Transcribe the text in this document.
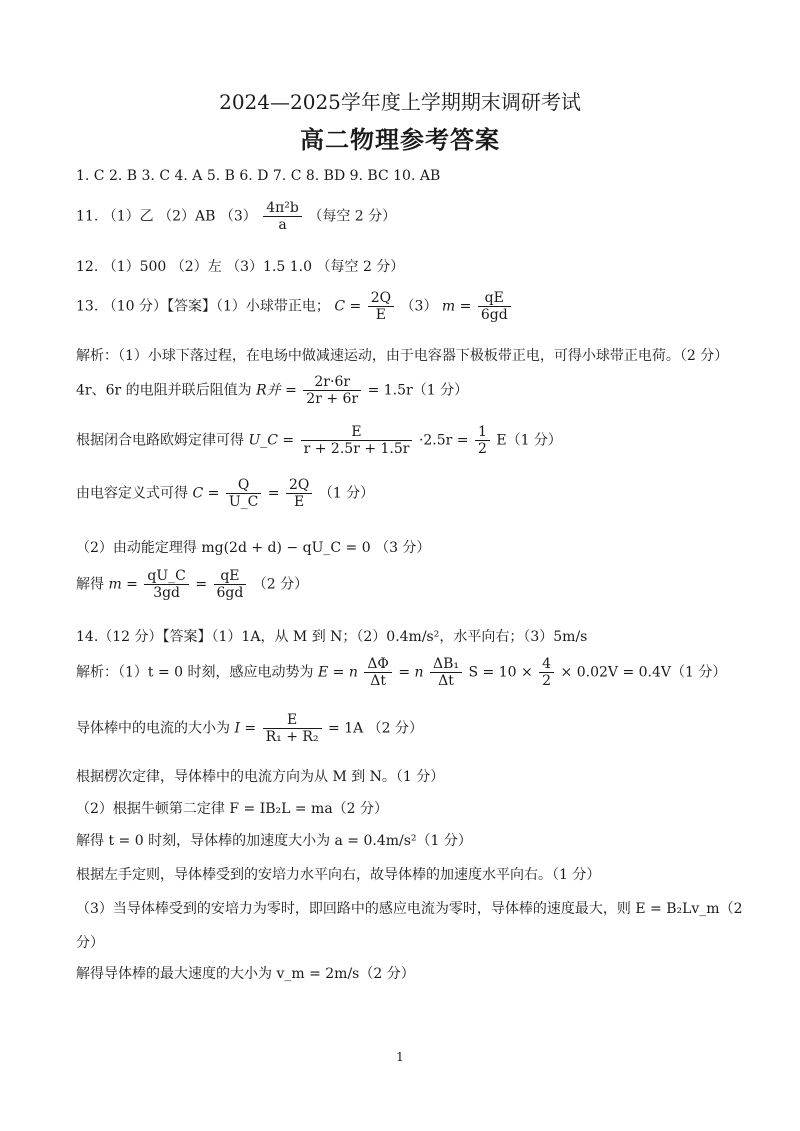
2024—2025学年度上学期期末调研考试
高二物理参考答案
1. C 2. B 3. C 4. A 5. B 6. D 7. C 8. BD 9. BC 10. AB
11. （1）乙 （2）AB $(3) \frac{\text{4π²b}}{a}$ （每空 2 分）
12. （1）500 （2）左 （3）1.5 1.0 （每空 2 分）
13. （10 分）【答案】（1）小球带正电； $C = \frac{2Q}{E} (3) m = \frac{qE}{6gd}$
解析：（1）小球下落过程，在电场中做减速运动，由于电容器下极板带正电，可得小球带正电荷。（2 分）
4r、6r 的电阻并联后阻值为 R并 = $\frac{2r\cdot 6r}{2r + 6r} = 1.5r(1$ 分）
根据闭合电路欧姆定律可得 U_C = $\frac{E}{r + 2.5r + 1.5r} \cdot 2.5r = \frac{1}{2} E(1$ 分）
由电容定义式可得 $C = \frac{Q}{U\_C} = \frac{2Q}{E} (1$ 分）
（2）由动能定理得 mg(2d + d) − qU_C = 0 （3 分）
解得 $m = \frac{qU\_C}{3gd} = \frac{qE}{6gd} (2$ 分）
14.（12 分）【答案】（1）1A，从 M 到 N；（2）0.4m/s²，水平向右；（3）5m/s
解析：（1）t = 0 时刻，感应电动势为 E = n $\frac{\Delta\Phi}{\Delta t} = n \frac{\text{ΔB₁}}{\Delta t}$ $S = 10 \times \frac{4}{2} \times 0.02V = 0.4V(1$ 分）
导体棒中的电流的大小为 $I = \frac{E}{\text{R₁ + R₂}} = 1A$ （2 分）
根据楞次定律，导体棒中的电流方向为从 M 到 N。（1 分）
（2）根据牛顿第二定律 F = IB₂L = ma（2 分）
解得 t = 0 时刻，导体棒的加速度大小为 a = 0.4m/s²（1 分）
根据左手定则，导体棒受到的安培力水平向右，故导体棒的加速度水平向右。（1 分）
（3）当导体棒受到的安培力为零时，即回路中的感应电流为零时，导体棒的速度最大，则 E = B₂Lv_m（2
分）
解得导体棒的最大速度的大小为 v_m = 2m/s（2 分）
1
